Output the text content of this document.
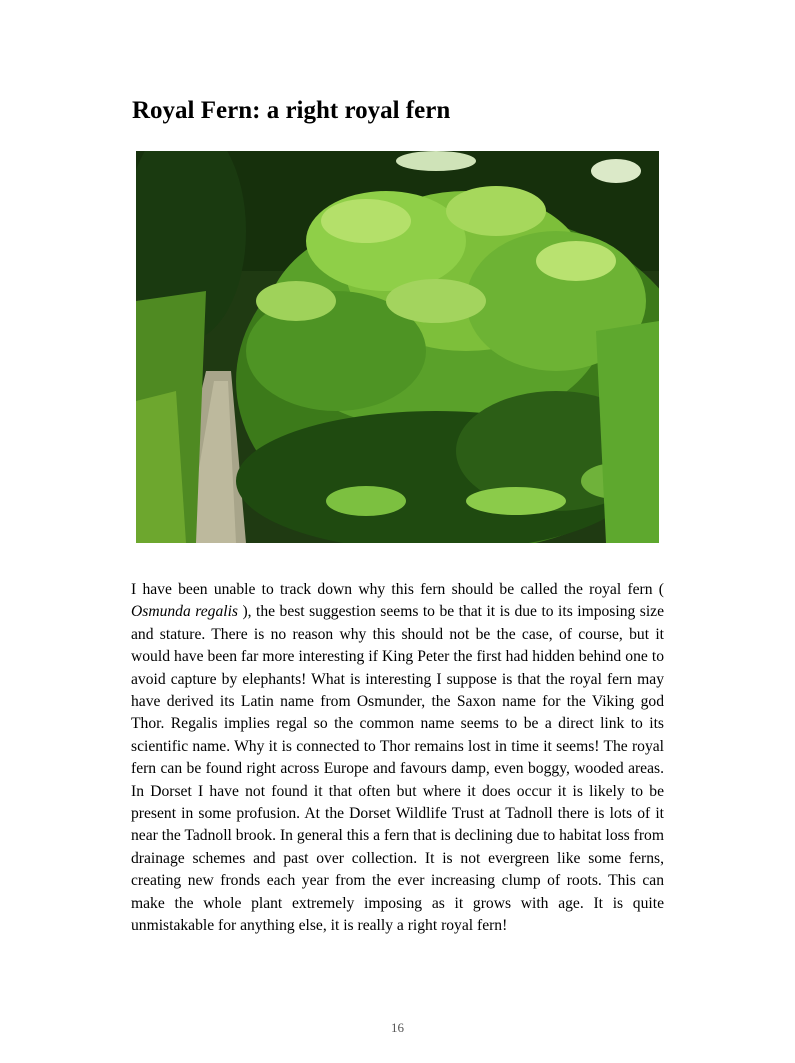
Royal Fern: a right royal fern

I have been unable to track down why this fern should be called the royal fern ( Osmunda regalis ), the best suggestion seems to be that it is due to its imposing size and stature. There is no reason why this should not be the case, of course, but it would have been far more interesting if King Peter the first had hidden behind one to avoid capture by elephants! What is interesting I suppose is that the royal fern may have derived its Latin name from Osmunder, the Saxon name for the Viking god Thor. Regalis implies regal so the common name seems to be a direct link to its scientific name. Why it is connected to Thor remains lost in time it seems! The royal fern can be found right across Europe and favours damp, even boggy, wooded areas. In Dorset I have not found it that often but where it does occur it is likely to be present in some profusion. At the Dorset Wildlife Trust at Tadnoll there is lots of it near the Tadnoll brook. In general this a fern that is declining due to habitat loss from drainage schemes and past over collection. It is not evergreen like some ferns, creating new fronds each year from the ever increasing clump of roots. This can make the whole plant extremely imposing as it grows with age. It is quite unmistakable for anything else, it is really a right royal fern!

16
